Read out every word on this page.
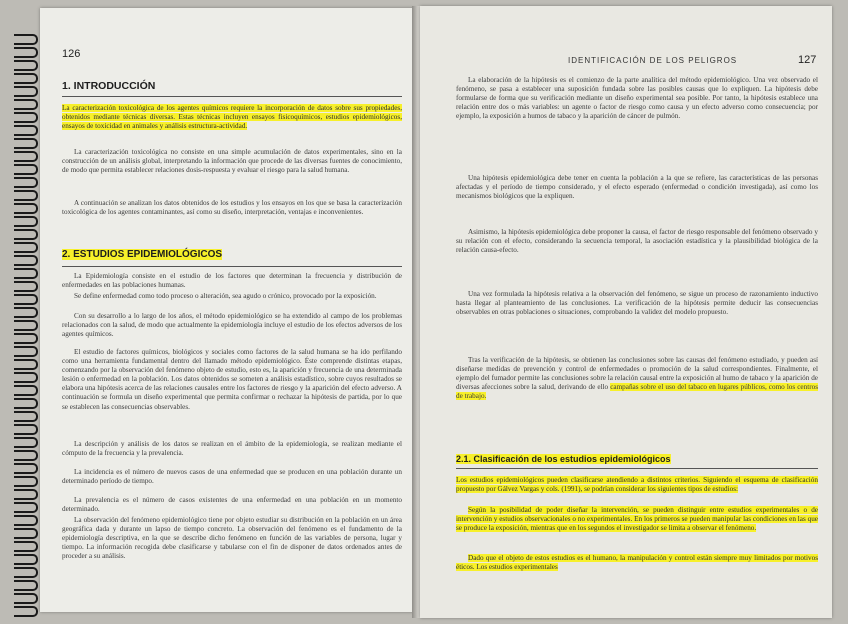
126
1. INTRODUCCIÓN
La caracterización toxicológica de los agentes químicos requiere la incorporación de datos sobre sus propiedades, obtenidos mediante técnicas diversas. Estas técnicas incluyen ensayos fisicoquímicos, estudios epidemiológicos, ensayos de toxicidad en animales y análisis estructura-actividad.
La caracterización toxicológica no consiste en una simple acumulación de datos experimentales, sino en la construcción de un análisis global, interpretando la información que procede de las diversas fuentes de conocimiento, de modo que permita establecer relaciones dosis-respuesta y evaluar el riesgo para la salud humana.
A continuación se analizan los datos obtenidos de los estudios y los ensayos en los que se basa la caracterización toxicológica de los agentes contaminantes, así como su diseño, interpretación, ventajas e inconvenientes.
2. ESTUDIOS EPIDEMIOLÓGICOS
La Epidemiología consiste en el estudio de los factores que determinan la frecuencia y distribución de enfermedades en las poblaciones humanas.
Se define enfermedad como todo proceso o alteración, sea agudo o crónico, provocado por la exposición.
Con su desarrollo a lo largo de los años, el método epidemiológico se ha extendido al campo de los problemas relacionados con la salud, de modo que actualmente la epidemiología incluye el estudio de los efectos adversos de los agentes químicos.
El estudio de factores químicos, biológicos y sociales como factores de la salud humana se ha ido perfilando como una herramienta fundamental dentro del llamado método epidemiológico. Éste comprende distintas etapas, comenzando por la observación del fenómeno objeto de estudio, esto es, la aparición y frecuencia de una determinada lesión o enfermedad en la población. Los datos obtenidos se someten a análisis estadístico, sobre cuyos resultados se elabora una hipótesis acerca de las relaciones causales entre los factores de riesgo y la aparición del efecto adverso. A continuación se formula un diseño experimental que permita confirmar o rechazar la hipótesis de partida, por lo que se establecen las consecuencias observables.
La descripción y análisis de los datos se realizan en el ámbito de la epidemiología, se realizan mediante el cómputo de la frecuencia y la prevalencia.
La incidencia es el número de nuevos casos de una enfermedad que se producen en una población durante un determinado período de tiempo.
La prevalencia es el número de casos existentes de una enfermedad en una población en un momento determinado.
La observación del fenómeno epidemiológico tiene por objeto estudiar su distribución en la población en un área geográfica dada y durante un lapso de tiempo concreto. La observación del fenómeno es el fundamento de la epidemiología descriptiva, en la que se describe dicho fenómeno en función de las variables de persona, lugar y tiempo. La información recogida debe clasificarse y tabularse con el fin de disponer de datos ordenados antes de proceder a su análisis.
IDENTIFICACIÓN DE LOS PELIGROS	127
La elaboración de la hipótesis es el comienzo de la parte analítica del método epidemiológico. Una vez observado el fenómeno, se pasa a establecer una suposición fundada sobre las posibles causas que lo expliquen. La hipótesis debe formularse de forma que su verificación mediante un diseño experimental sea posible. Por tanto, la hipótesis establece una relación entre dos o más variables: un agente o factor de riesgo como causa y un efecto adverso como consecuencia; por ejemplo, la exposición a humos de tabaco y la aparición de cáncer de pulmón.
Una hipótesis epidemiológica debe tener en cuenta la población a la que se refiere, las características de las personas afectadas y el período de tiempo considerado, y el efecto esperado (enfermedad o condición investigada), así como los mecanismos biológicos que la expliquen.
Asimismo, la hipótesis epidemiológica debe proponer la causa, el factor de riesgo responsable del fenómeno observado y su relación con el efecto, considerando la secuencia temporal, la asociación estadística y la plausibilidad biológica de la relación causa-efecto.
Una vez formulada la hipótesis relativa a la observación del fenómeno, se sigue un proceso de razonamiento inductivo hasta llegar al planteamiento de las conclusiones. La verificación de la hipótesis permite deducir las consecuencias observables en otras poblaciones o situaciones, comprobando la validez del modelo propuesto.
Tras la verificación de la hipótesis, se obtienen las conclusiones sobre las causas del fenómeno estudiado, y pueden así diseñarse medidas de prevención y control de enfermedades o promoción de la salud correspondientes. Finalmente, el ejemplo del fumador permite las conclusiones sobre la relación causal entre la exposición al humo de tabaco y la aparición de diversas afecciones sobre la salud, derivando de ello campañas sobre el uso del tabaco en lugares públicos, como los centros de trabajo.
2.1. Clasificación de los estudios epidemiológicos
Los estudios epidemiológicos pueden clasificarse atendiendo a distintos criterios. Siguiendo el esquema de clasificación propuesto por Gálvez Vargas y cols. (1991), se podrían considerar los siguientes tipos de estudios:
Según la posibilidad de poder diseñar la intervención, se pueden distinguir entre estudios experimentales o de intervención y estudios observacionales o no experimentales. En los primeros se pueden manipular las condiciones en las que se produce la exposición, mientras que en los segundos el investigador se limita a observar el fenómeno.
Dado que el objeto de estos estudios es el humano, la manipulación y control están siempre muy limitados por motivos éticos. Los estudios experimentales
